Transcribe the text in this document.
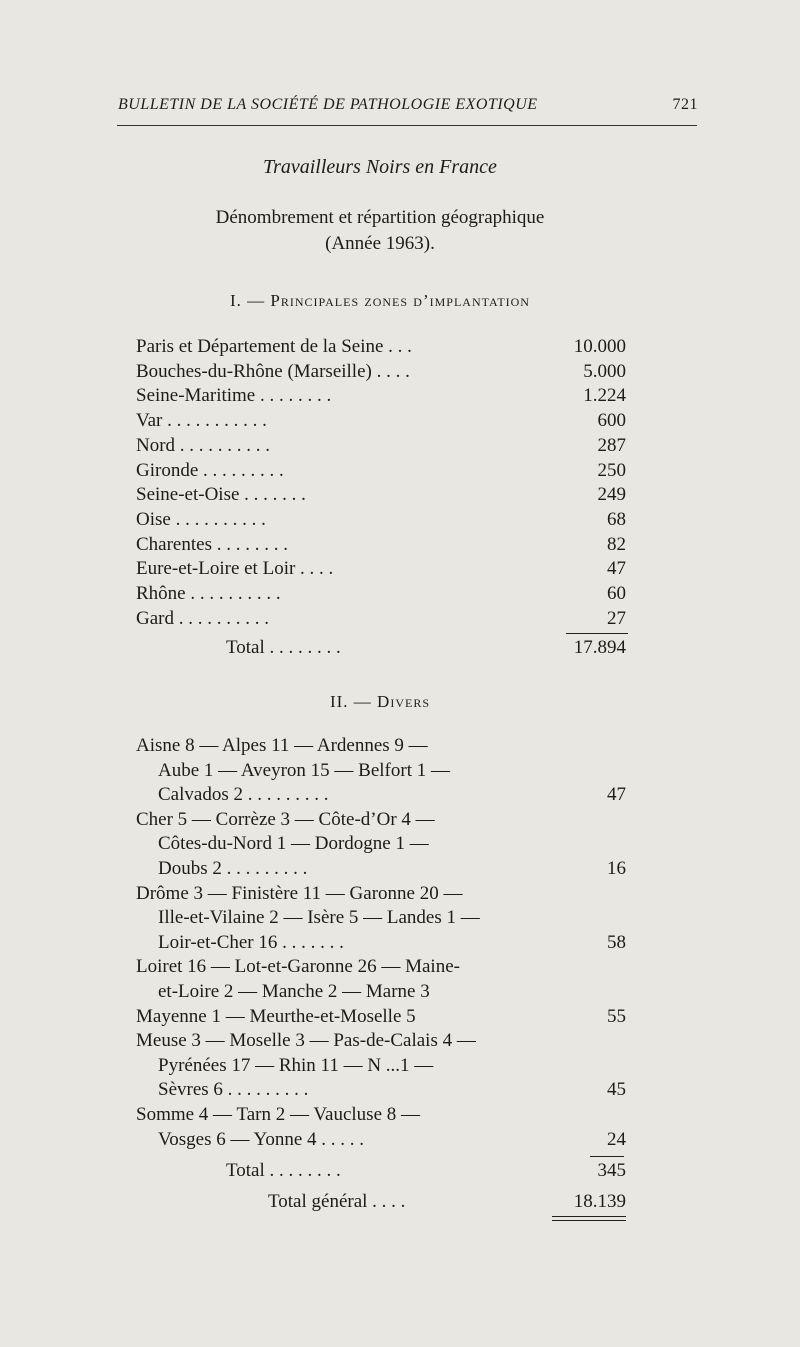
BULLETIN DE LA SOCIÉTÉ DE PATHOLOGIE EXOTIQUE	721
Travailleurs Noirs en France
Dénombrement et répartition géographique
(Année 1963).
I. — Principales zones d’implantation
Paris et Département de la Seine . . .	10.000
Bouches-du-Rhône (Marseille) . . . .	5.000
Seine-Maritime . . . . . . . .	1.224
Var . . . . . . . . . . .	600
Nord . . . . . . . . . .	287
Gironde . . . . . . . . .	250
Seine-et-Oise . . . . . . .	249
Oise . . . . . . . . . .	68
Charentes . . . . . . . .	82
Eure-et-Loire et Loir . . . .	47
Rhône . . . . . . . . . .	60
Gard . . . . . . . . . .	27
Total . . . . . . . .	17.894
II. — Divers
Aisne 8 — Alpes 11 — Ardennes 9 —
Aube 1 — Aveyron 15 — Belfort 1 —
Calvados 2 . . . . . . . . .	47
Cher 5 — Corrèze 3 — Côte-d’Or 4 —
Côtes-du-Nord 1 — Dordogne 1 —
Doubs 2 . . . . . . . . .	16
Drôme 3 — Finistère 11 — Garonne 20 —
Ille-et-Vilaine 2 — Isère 5 — Landes 1 —
Loir-et-Cher 16 . . . . . . .	58
Loiret 16 — Lot-et-Garonne 26 — Maine-
et-Loire 2 — Manche 2 — Marne 3
Mayenne 1 — Meurthe-et-Moselle 5	55
Meuse 3 — Moselle 3 — Pas-de-Calais 4 —
Pyrénées 17 — Rhin 11 — N ...1 —
Sèvres 6 . . . . . . . . .	45
Somme 4 — Tarn 2 — Vaucluse 8 —
Vosges 6 — Yonne 4 . . . . .	24
Total . . . . . . . .	345
Total général . . . .	18.139
